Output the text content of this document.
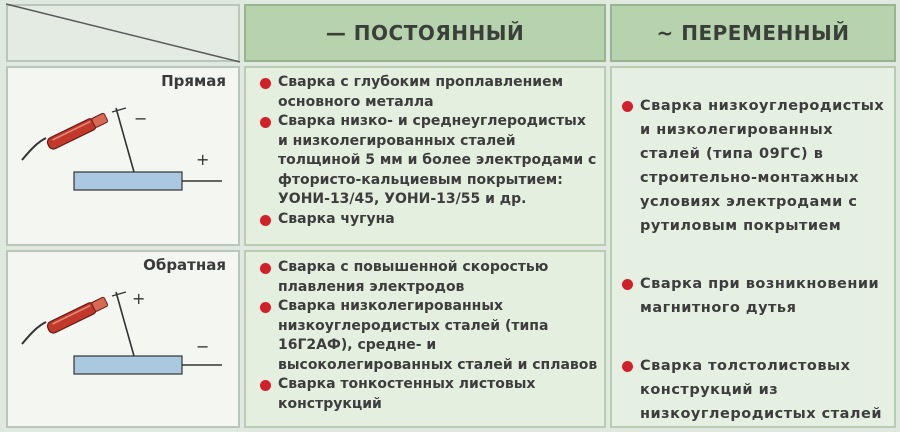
— ПОСТОЯННЫЙ	~ ПЕРЕМЕННЫЙ
Прямая
−
+
Обратная
+
−
Сварка с глубоким проплавлением основного металла
Сварка низко- и среднеуглеродистых и низколегированных сталей толщиной 5 мм и более электродами с фтористо-кальциевым покрытием: УОНИ-13/45, УОНИ-13/55 и др.
Сварка чугуна
Сварка с повышенной скоростью плавления электродов
Сварка низколегированных низкоуглеродистых сталей (типа 16Г2АФ), средне- и высоколегированных сталей и сплавов
Сварка тонкостенных листовых конструкций
Сварка низкоуглеродистых и низколегированных сталей (типа 09ГС) в строительно-монтажных условиях электродами с рутиловым покрытием
Сварка при возникновении магнитного дутья
Сварка толстолистовых конструкций из низкоуглеродистых сталей
